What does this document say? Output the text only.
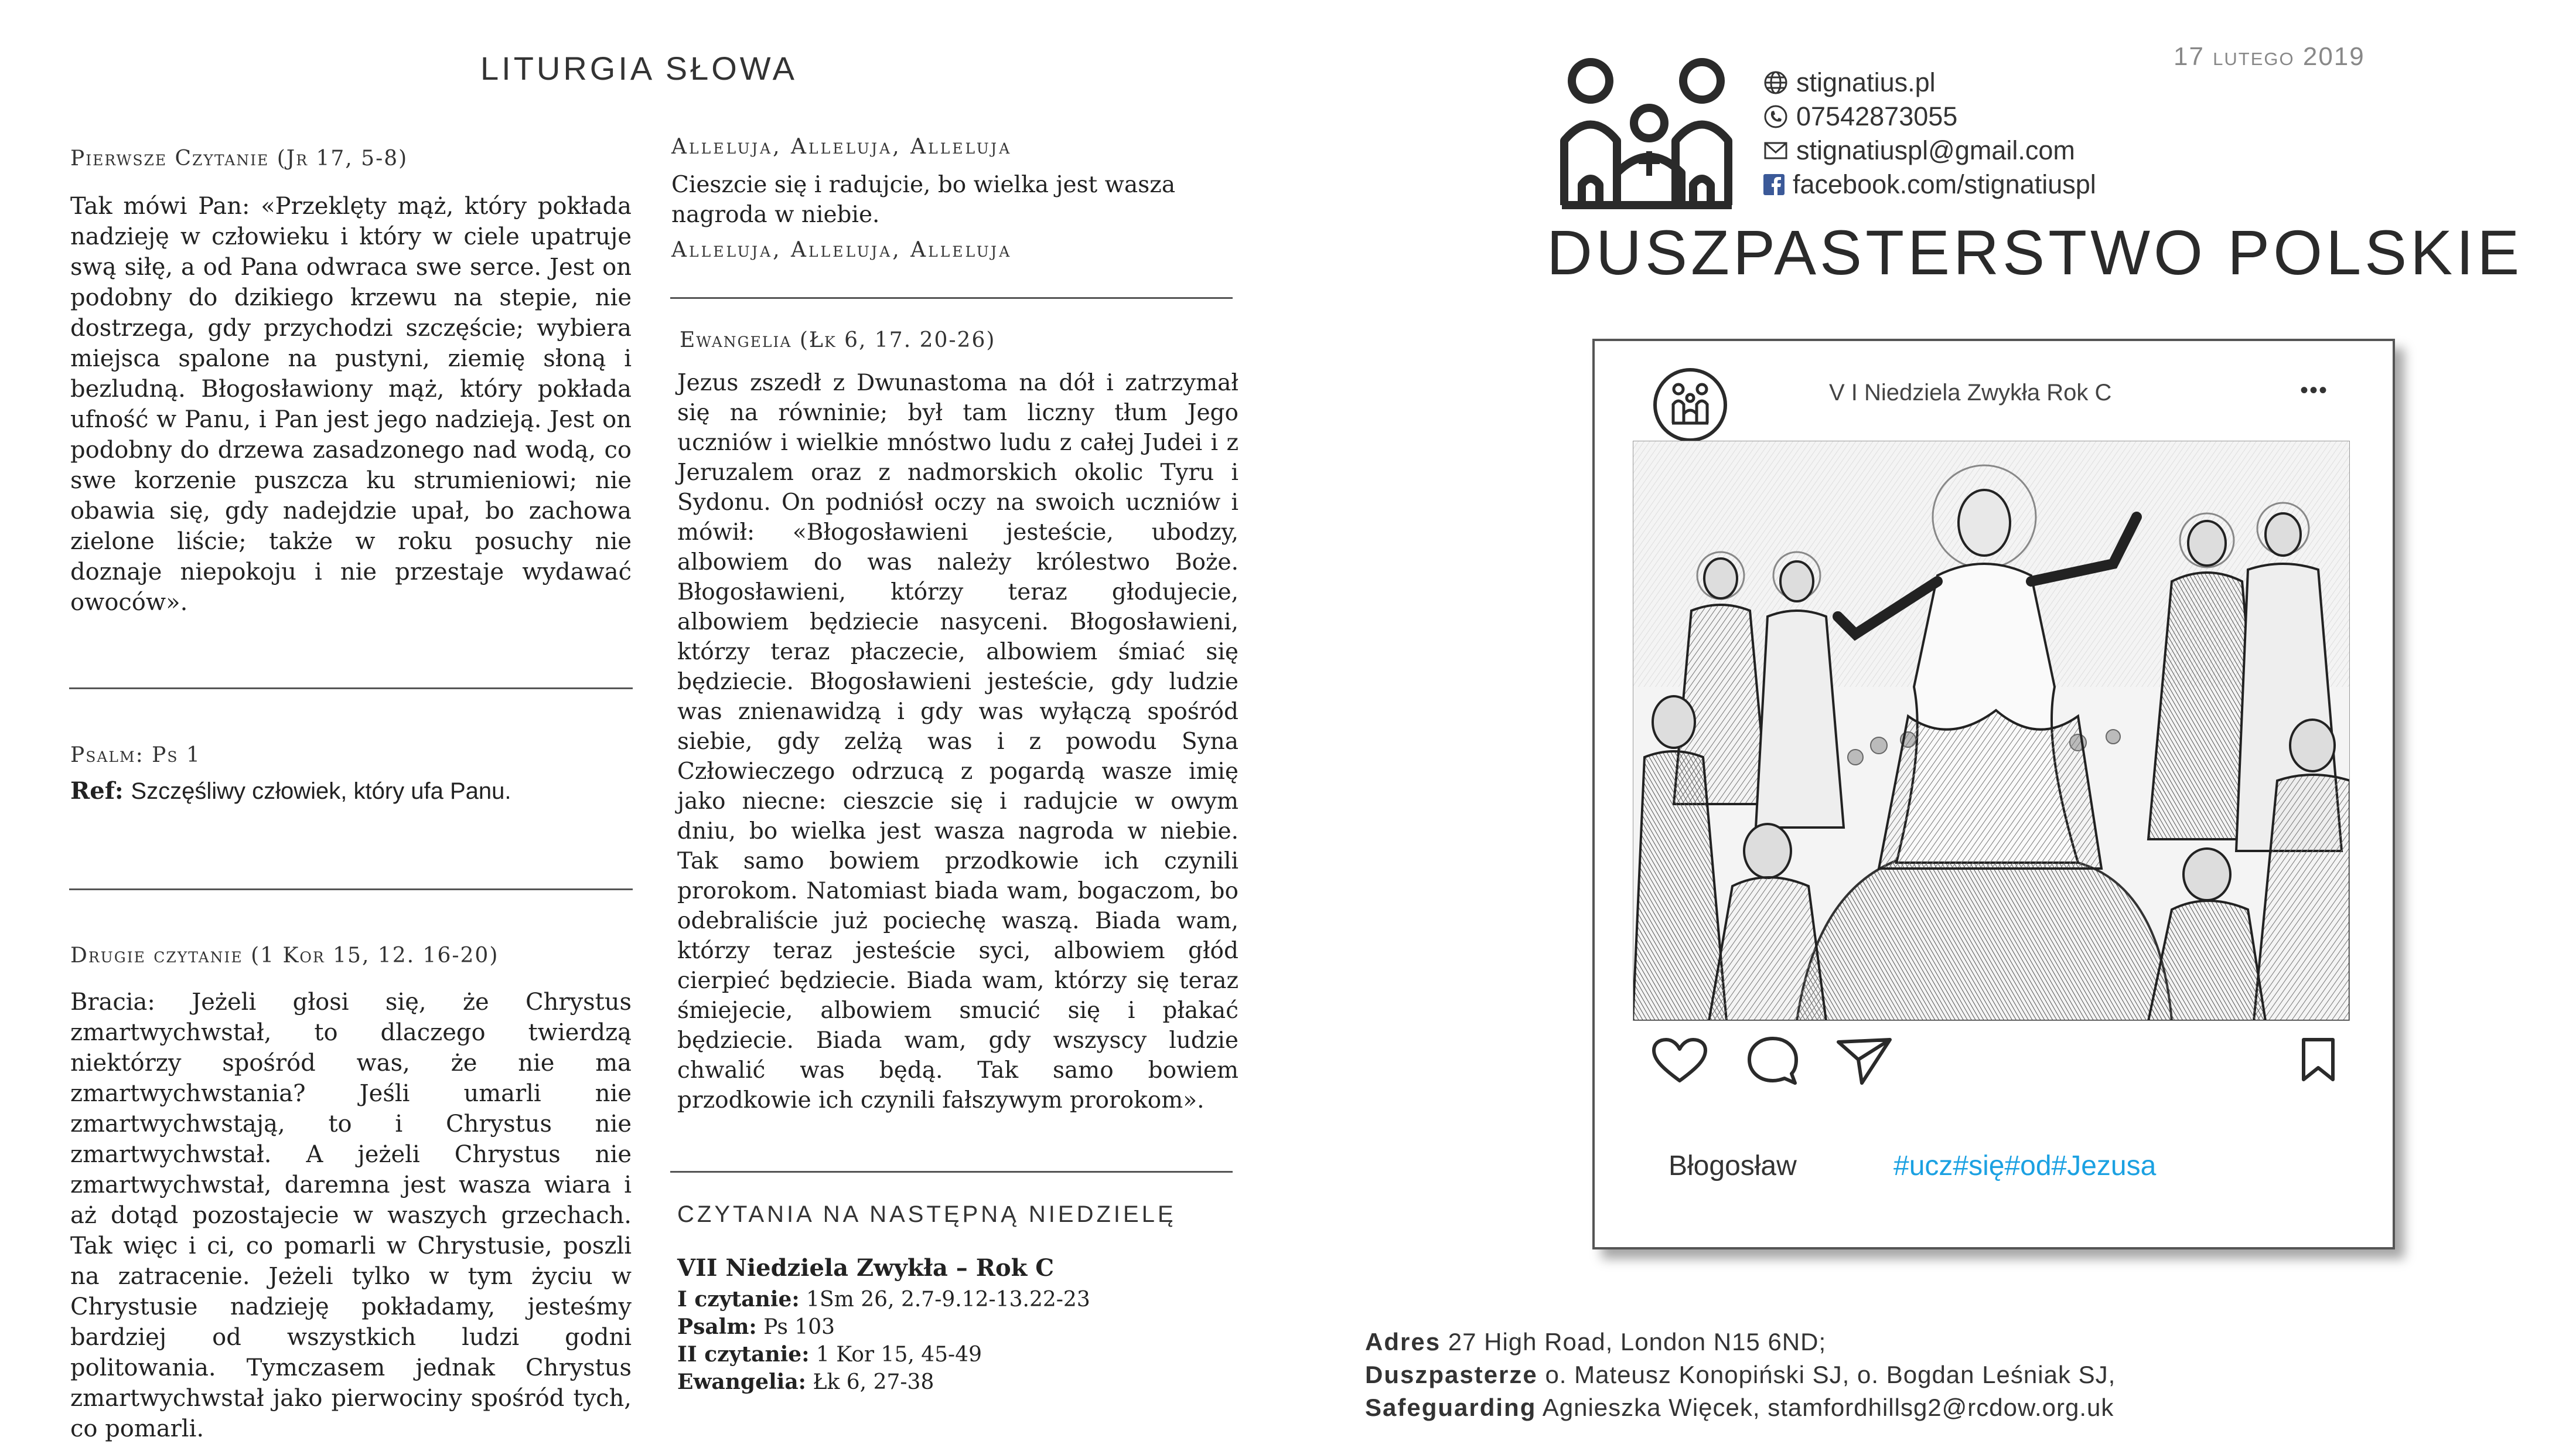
LITURGIA SŁOWA
Pierwsze Czytanie (Jr 17, 5-8)
Tak mówi Pan: «Przeklęty mąż, który pokłada nadzieję w człowieku i który w ciele upatruje swą siłę, a od Pana odwraca swe serce. Jest on podobny do dzikiego krzewu na stepie, nie dostrzega, gdy przychodzi szczęście; wybiera miejsca spalone na pustyni, ziemię słoną i bezludną. Błogosławiony mąż, który pokłada ufność w Panu, i Pan jest jego nadzieją. Jest on podobny do drzewa zasadzonego nad wodą, co swe korzenie puszcza ku strumieniowi; nie obawia się, gdy nadejdzie upał, bo zachowa zielone liście; także w roku posuchy nie doznaje niepokoju i nie przestaje wydawać owoców».
Psalm: Ps 1
Ref: Szczęśliwy człowiek, który ufa Panu.
Drugie czytanie (1 Kor 15, 12. 16-20)
Bracia: Jeżeli głosi się, że Chrystus zmartwychwstał, to dlaczego twierdzą niektórzy spośród was, że nie ma zmartwychwstania? Jeśli umarli nie zmartwychwstają, to i Chrystus nie zmartwychwstał. A jeżeli Chrystus nie zmartwychwstał, daremna jest wasza wiara i aż dotąd pozostajecie w waszych grzechach. Tak więc i ci, co pomarli w Chrystusie, poszli na zatracenie. Jeżeli tylko w tym życiu w Chrystusie nadzieję pokładamy, jesteśmy bardziej od wszystkich ludzi godni politowania. Tymczasem jednak Chrystus zmartwychwstał jako pierwociny spośród tych, co pomarli.
Alleluja, Alleluja, Alleluja
Cieszcie się i radujcie, bo wielka jest wasza nagroda w niebie.
Alleluja, Alleluja, Alleluja
Ewangelia (Łk 6, 17. 20-26)
Jezus zszedł z Dwunastoma na dół i zatrzymał się na równinie; był tam liczny tłum Jego uczniów i wielkie mnóstwo ludu z całej Judei i z Jeruzalem oraz z nadmorskich okolic Tyru i Sydonu. On podniósł oczy na swoich uczniów i mówił: «Błogosławieni jesteście, ubodzy, albowiem do was należy królestwo Boże. Błogosławieni, którzy teraz głodujecie, albowiem będziecie nasyceni. Błogosławieni, którzy teraz płaczecie, albowiem śmiać się będziecie. Błogosławieni jesteście, gdy ludzie was znienawidzą i gdy was wyłączą spośród siebie, gdy zelżą was i z powodu Syna Człowieczego odrzucą z pogardą wasze imię jako niecne: cieszcie się i radujcie w owym dniu, bo wielka jest wasza nagroda w niebie. Tak samo bowiem przodkowie ich czynili prorokom. Natomiast biada wam, bogaczom, bo odebraliście już pociechę waszą. Biada wam, którzy teraz jesteście syci, albowiem głód cierpieć będziecie. Biada wam, którzy się teraz śmiejecie, albowiem smucić się i płakać będziecie. Biada wam, gdy wszyscy ludzie chwalić was będą. Tak samo bowiem przodkowie ich czynili fałszywym prorokom».
CZYTANIA NA NASTĘPNĄ NIEDZIELĘ
VII Niedziela Zwykła – Rok C
I czytanie: 1Sm 26, 2.7-9.12-13.22-23
Psalm: Ps 103
II czytanie: 1 Kor 15, 45-49
Ewangelia: Łk 6, 27-38
17 lutego 2019
stignatius.pl
07542873055
stignatiuspl@gmail.com
facebook.com/stignatiuspl
DUSZPASTERSTWO POLSKIE
V I Niedziela Zwykła Rok C	•••
Błogosław	#ucz#się#od#Jezusa
Adres 27 High Road, London N15 6ND;
Duszpasterze o. Mateusz Konopiński SJ, o. Bogdan Leśniak SJ,
Safeguarding Agnieszka Więcek, stamfordhillsg2@rcdow.org.uk
